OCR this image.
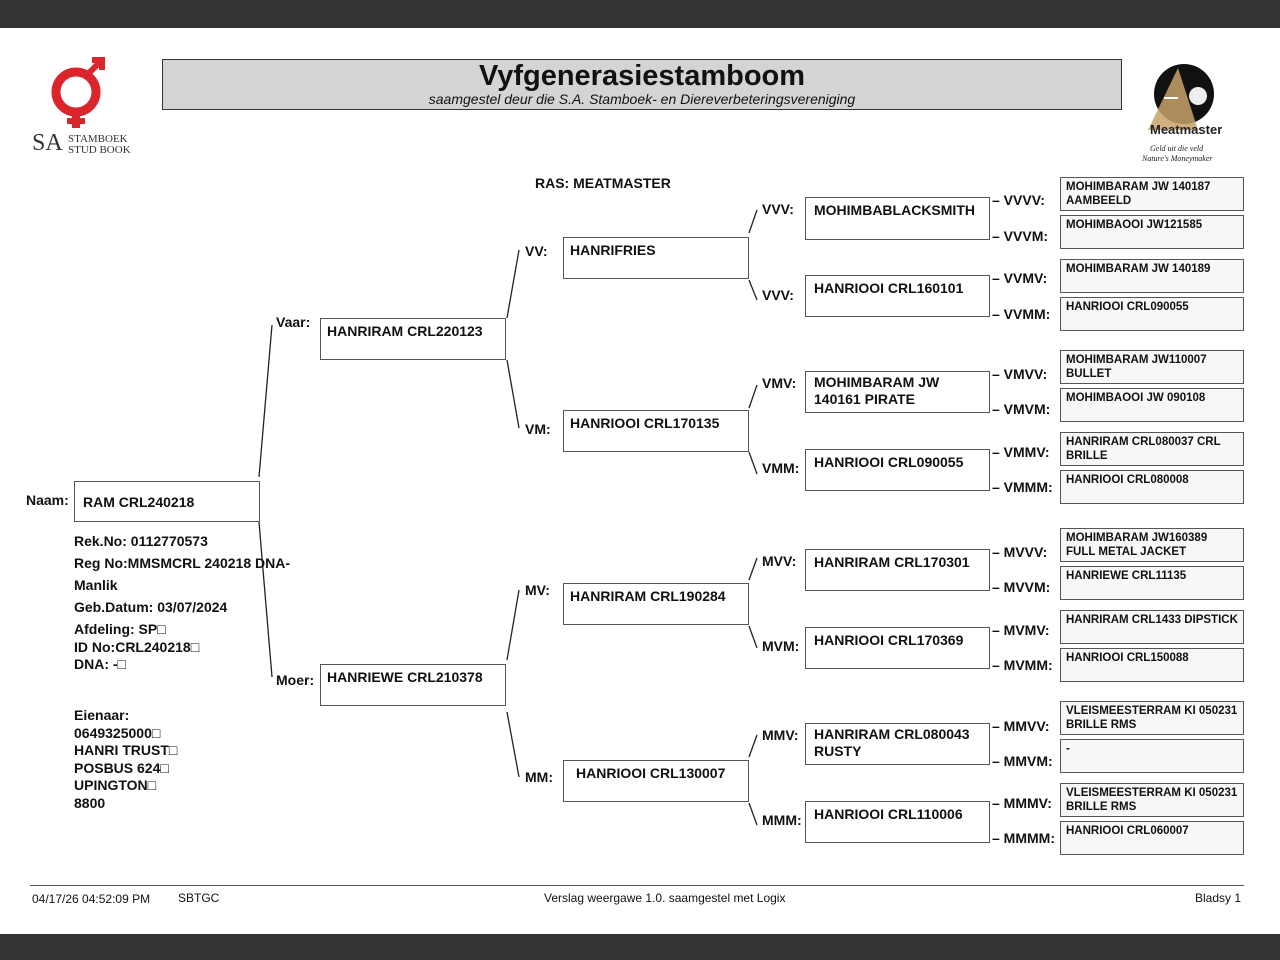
SA STAMBOEK
STUD BOOK
Vyfgenerasiestamboom
saamgestel deur die S.A. Stamboek- en Diereverbeteringsvereniging
Meatmaster
Geld uit die veld
Nature's Moneymaker
RAS: MEATMASTER
Naam:	RAM CRL240218
Rek.No: 0112770573
Reg No:MMSMCRL 240218 DNA-
Manlik
Geb.Datum: 03/07/2024
Afdeling: SP□
ID No:CRL240218□
DNA: -□
Eienaar:
0649325000□
HANRI TRUST□
POSBUS 624□
UPINGTON□
8800
Vaar:
HANRIRAM CRL220123
Moer: HANRIEWE CRL210378
VV:	HANRIFRIES
VM:	HANRIOOI CRL170135
MV:	HANRIRAM CRL190284
MM:	HANRIOOI CRL130007
VVV:	MOHIMBABLACKSMITH
VVV:	HANRIOOI CRL160101
VMV:	MOHIMBARAM JW 140161 PIRATE
VMM:	HANRIOOI CRL090055
MVV:	HANRIRAM CRL170301
MVM:	HANRIOOI CRL170369
MMV:	HANRIRAM CRL080043 RUSTY
MMM: HANRIOOI CRL110006
– VVVV:
– VVVM:
– VVMV:
– VVMM:
– VMVV:
– VMVM:
– VMMV:
– VMMM:
– MVVV:
– MVVM:
– MVMV:
– MVMM:
– MMVV:
– MMVM:
– MMMV:
– MMMM:
MOHIMBARAM JW 140187 AAMBEELD
MOHIMBAOOI JW121585
MOHIMBARAM JW 140189
HANRIOOI CRL090055
MOHIMBARAM JW110007 BULLET
MOHIMBAOOI JW 090108
HANRIRAM CRL080037 CRL BRILLE
HANRIOOI CRL080008
MOHIMBARAM JW160389 FULL METAL JACKET
HANRIEWE CRL11135
HANRIRAM CRL1433 DIPSTICK
HANRIOOI CRL150088
VLEISMEESTERRAM KI 050231 BRILLE RMS
-
VLEISMEESTERRAM KI 050231 BRILLE RMS
HANRIOOI CRL060007
04/17/26 04:52:09 PM SBTGC	Verslag weergawe 1.0. saamgestel met Logix	Bladsy 1
